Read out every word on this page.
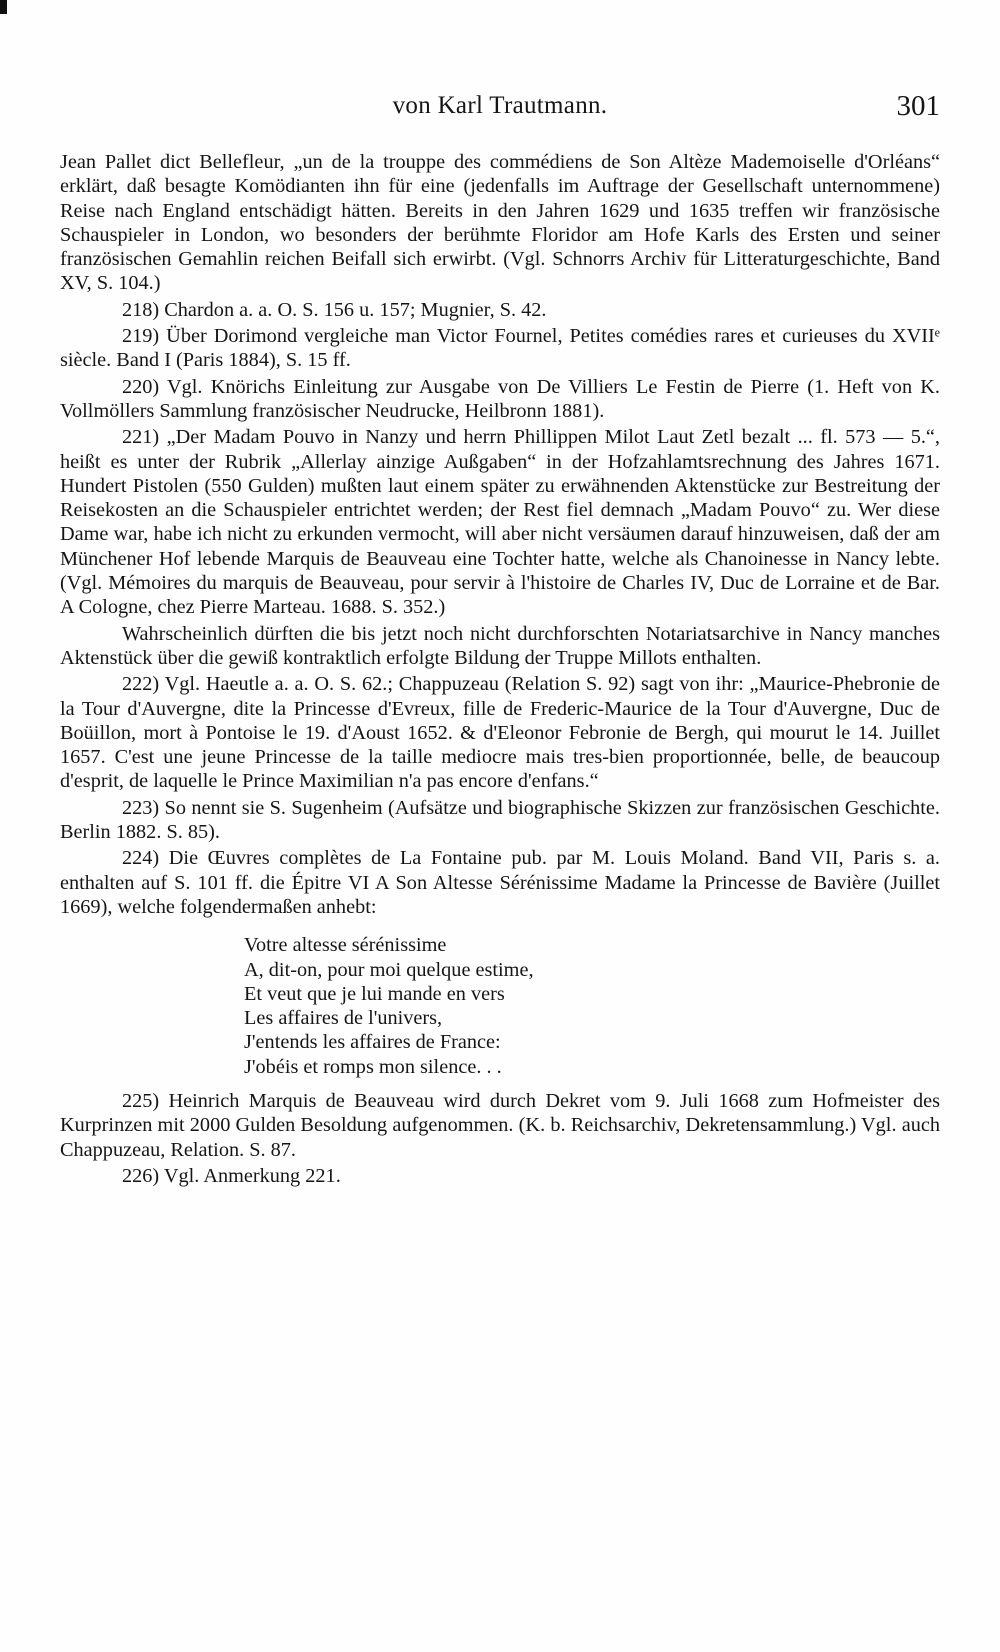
von Karl Trautmann.	301

Jean Pallet dict Bellefleur, „un de la trouppe des commédiens de Son Altèze Mademoiselle d'Orléans“ erklärt, daß besagte Komödianten ihn für eine (jedenfalls im Auftrage der Gesellschaft unternommene) Reise nach England entschädigt hätten. Bereits in den Jahren 1629 und 1635 treffen wir französische Schauspieler in London, wo besonders der berühmte Floridor am Hofe Karls des Ersten und seiner französischen Gemahlin reichen Beifall sich erwirbt. (Vgl. Schnorrs Archiv für Litteraturgeschichte, Band XV, S. 104.)

218) Chardon a. a. O. S. 156 u. 157; Mugnier, S. 42.

219) Über Dorimond vergleiche man Victor Fournel, Petites comédies rares et curieuses du XVIIᵉ siècle. Band I (Paris 1884), S. 15 ff.

220) Vgl. Knörichs Einleitung zur Ausgabe von De Villiers Le Festin de Pierre (1. Heft von K. Vollmöllers Sammlung französischer Neudrucke, Heilbronn 1881).

221) „Der Madam Pouvo in Nanzy und herrn Phillippen Milot Laut Zetl bezalt ... fl. 573 — 5.“, heißt es unter der Rubrik „Allerlay ainzige Außgaben“ in der Hofzahlamtsrechnung des Jahres 1671. Hundert Pistolen (550 Gulden) mußten laut einem später zu erwähnenden Aktenstücke zur Bestreitung der Reisekosten an die Schauspieler entrichtet werden; der Rest fiel demnach „Madam Pouvo“ zu. Wer diese Dame war, habe ich nicht zu erkunden vermocht, will aber nicht versäumen darauf hinzuweisen, daß der am Münchener Hof lebende Marquis de Beauveau eine Tochter hatte, welche als Chanoinesse in Nancy lebte. (Vgl. Mémoires du marquis de Beauveau, pour servir à l'histoire de Charles IV, Duc de Lorraine et de Bar. A Cologne, chez Pierre Marteau. 1688. S. 352.)

Wahrscheinlich dürften die bis jetzt noch nicht durchforschten Notariatsarchive in Nancy manches Aktenstück über die gewiß kontraktlich erfolgte Bildung der Truppe Millots enthalten.

222) Vgl. Haeutle a. a. O. S. 62.; Chappuzeau (Relation S. 92) sagt von ihr: „Maurice-Phebronie de la Tour d'Auvergne, dite la Princesse d'Evreux, fille de Frederic-Maurice de la Tour d'Auvergne, Duc de Boüillon, mort à Pontoise le 19. d'Aoust 1652. & d'Eleonor Febronie de Bergh, qui mourut le 14. Juillet 1657. C'est une jeune Princesse de la taille mediocre mais tres-bien proportionnée, belle, de beaucoup d'esprit, de laquelle le Prince Maximilian n'a pas encore d'enfans.“

223) So nennt sie S. Sugenheim (Aufsätze und biographische Skizzen zur französischen Geschichte. Berlin 1882. S. 85).

224) Die Œuvres complètes de La Fontaine pub. par M. Louis Moland. Band VII, Paris s. a. enthalten auf S. 101 ff. die Épitre VI A Son Altesse Sérénissime Madame la Princesse de Bavière (Juillet 1669), welche folgendermaßen anhebt:

Votre altesse sérénissime
A, dit-on, pour moi quelque estime,
Et veut que je lui mande en vers
Les affaires de l'univers,
J'entends les affaires de France:
J'obéis et romps mon silence. . .

225) Heinrich Marquis de Beauveau wird durch Dekret vom 9. Juli 1668 zum Hofmeister des Kurprinzen mit 2000 Gulden Besoldung aufgenommen. (K. b. Reichsarchiv, Dekretensammlung.) Vgl. auch Chappuzeau, Relation. S. 87.

226) Vgl. Anmerkung 221.
